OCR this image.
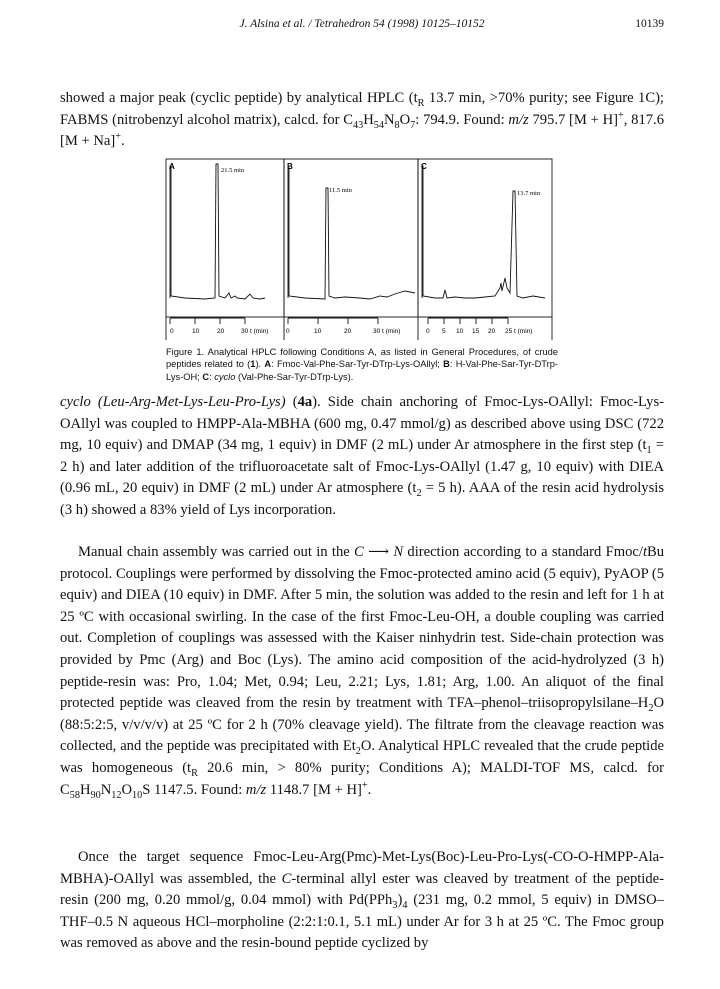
J. Alsina et al. / Tetrahedron 54 (1998) 10125–10152	10139

showed a major peak (cyclic peptide) by analytical HPLC ($t_R$ 13.7 min, >70% purity; see Figure 1C); FABMS (nitrobenzyl alcohol matrix), calcd. for $C_{43}H_{54}N_8O_7$: 794.9. Found: m/z 795.7 [M + H]+, 817.6 [M + Na]+.

A	B	C
21.5 min
11.5 min	13.7 min
0	10	20	30 t (min)	0	10	20	30 t (min)	0 5 10 15 20 25 t (min)
Figure 1. Analytical HPLC following Conditions A, as listed in General Procedures, of crude peptides related to (1). A: Fmoc-Val-Phe-Sar-Tyr-DTrp-Lys-OAllyl; B: H-Val-Phe-Sar-Tyr-DTrp-Lys-OH; C: cyclo (Val-Phe-Sar-Tyr-DTrp-Lys).

cyclo (Leu-Arg-Met-Lys-Leu-Pro-Lys) (4a). Side chain anchoring of Fmoc-Lys-OAllyl: Fmoc-Lys-OAllyl was coupled to HMPP-Ala-MBHA (600 mg, 0.47 mmol/g) as described above using DSC (722 mg, 10 equiv) and DMAP (34 mg, 1 equiv) in DMF (2 mL) under Ar atmosphere in the first step ($t_1 = 2$ h) and later addition of the trifluoroacetate salt of Fmoc-Lys-OAllyl (1.47 g, 10 equiv) with DIEA (0.96 mL, 20 equiv) in DMF (2 mL) under Ar atmosphere ($t_2 = 5$ h). AAA of the resin acid hydrolysis (3 h) showed a 83% yield of Lys incorporation.

Manual chain assembly was carried out in the C ⟶ N direction according to a standard Fmoc/tBu protocol. Couplings were performed by dissolving the Fmoc-protected amino acid (5 equiv), PyAOP (5 equiv) and DIEA (10 equiv) in DMF. After 5 min, the solution was added to the resin and left for 1 h at 25 ºC with occasional swirling. In the case of the first Fmoc-Leu-OH, a double coupling was carried out. Completion of couplings was assessed with the Kaiser ninhydrin test. Side-chain protection was provided by Pmc (Arg) and Boc (Lys). The amino acid composition of the acid-hydrolyzed (3 h) peptide-resin was: Pro, 1.04; Met, 0.94; Leu, 2.21; Lys, 1.81; Arg, 1.00. An aliquot of the final protected peptide was cleaved from the resin by treatment with TFA–$phenol-triisopropylsilane-H_2O$ (88:5:2:5, v/v/v/v) at 25 ºC for 2 h (70% cleavage yield). The filtrate from the cleavage reaction was collected, and the peptide was precipitated with $Et_2O$. Analytical HPLC revealed that the crude peptide was homogeneous ($t_R$ 20.6 min, > 80% purity; Conditions A); MALDI-TOF MS, calcd. for $C_{58}H_{90}N_{12}O_{10}S$ 1147.5. Found: m/z 1148.7 [M + H]+.

Once the target sequence Fmoc-Leu-Arg(Pmc)-Met-Lys(Boc)-Leu-Pro-Lys(-CO-O-HMPP-Ala-MBHA)-OAllyl was assembled, the C-terminal allyl ester was cleaved by treatment of the peptide-resin (200 mg, 0.20 mmol/g, 0.04 mmol) with $Pd(PPh_3)_4$ (231 mg, 0.2 mmol, 5 equiv) in DMSO–THF–0.5 N aqueous HCl–morpholine (2:2:1:0.1, 5.1 mL) under Ar for 3 h at 25 ºC. The Fmoc group was removed as above and the resin-bound peptide cyclized by
